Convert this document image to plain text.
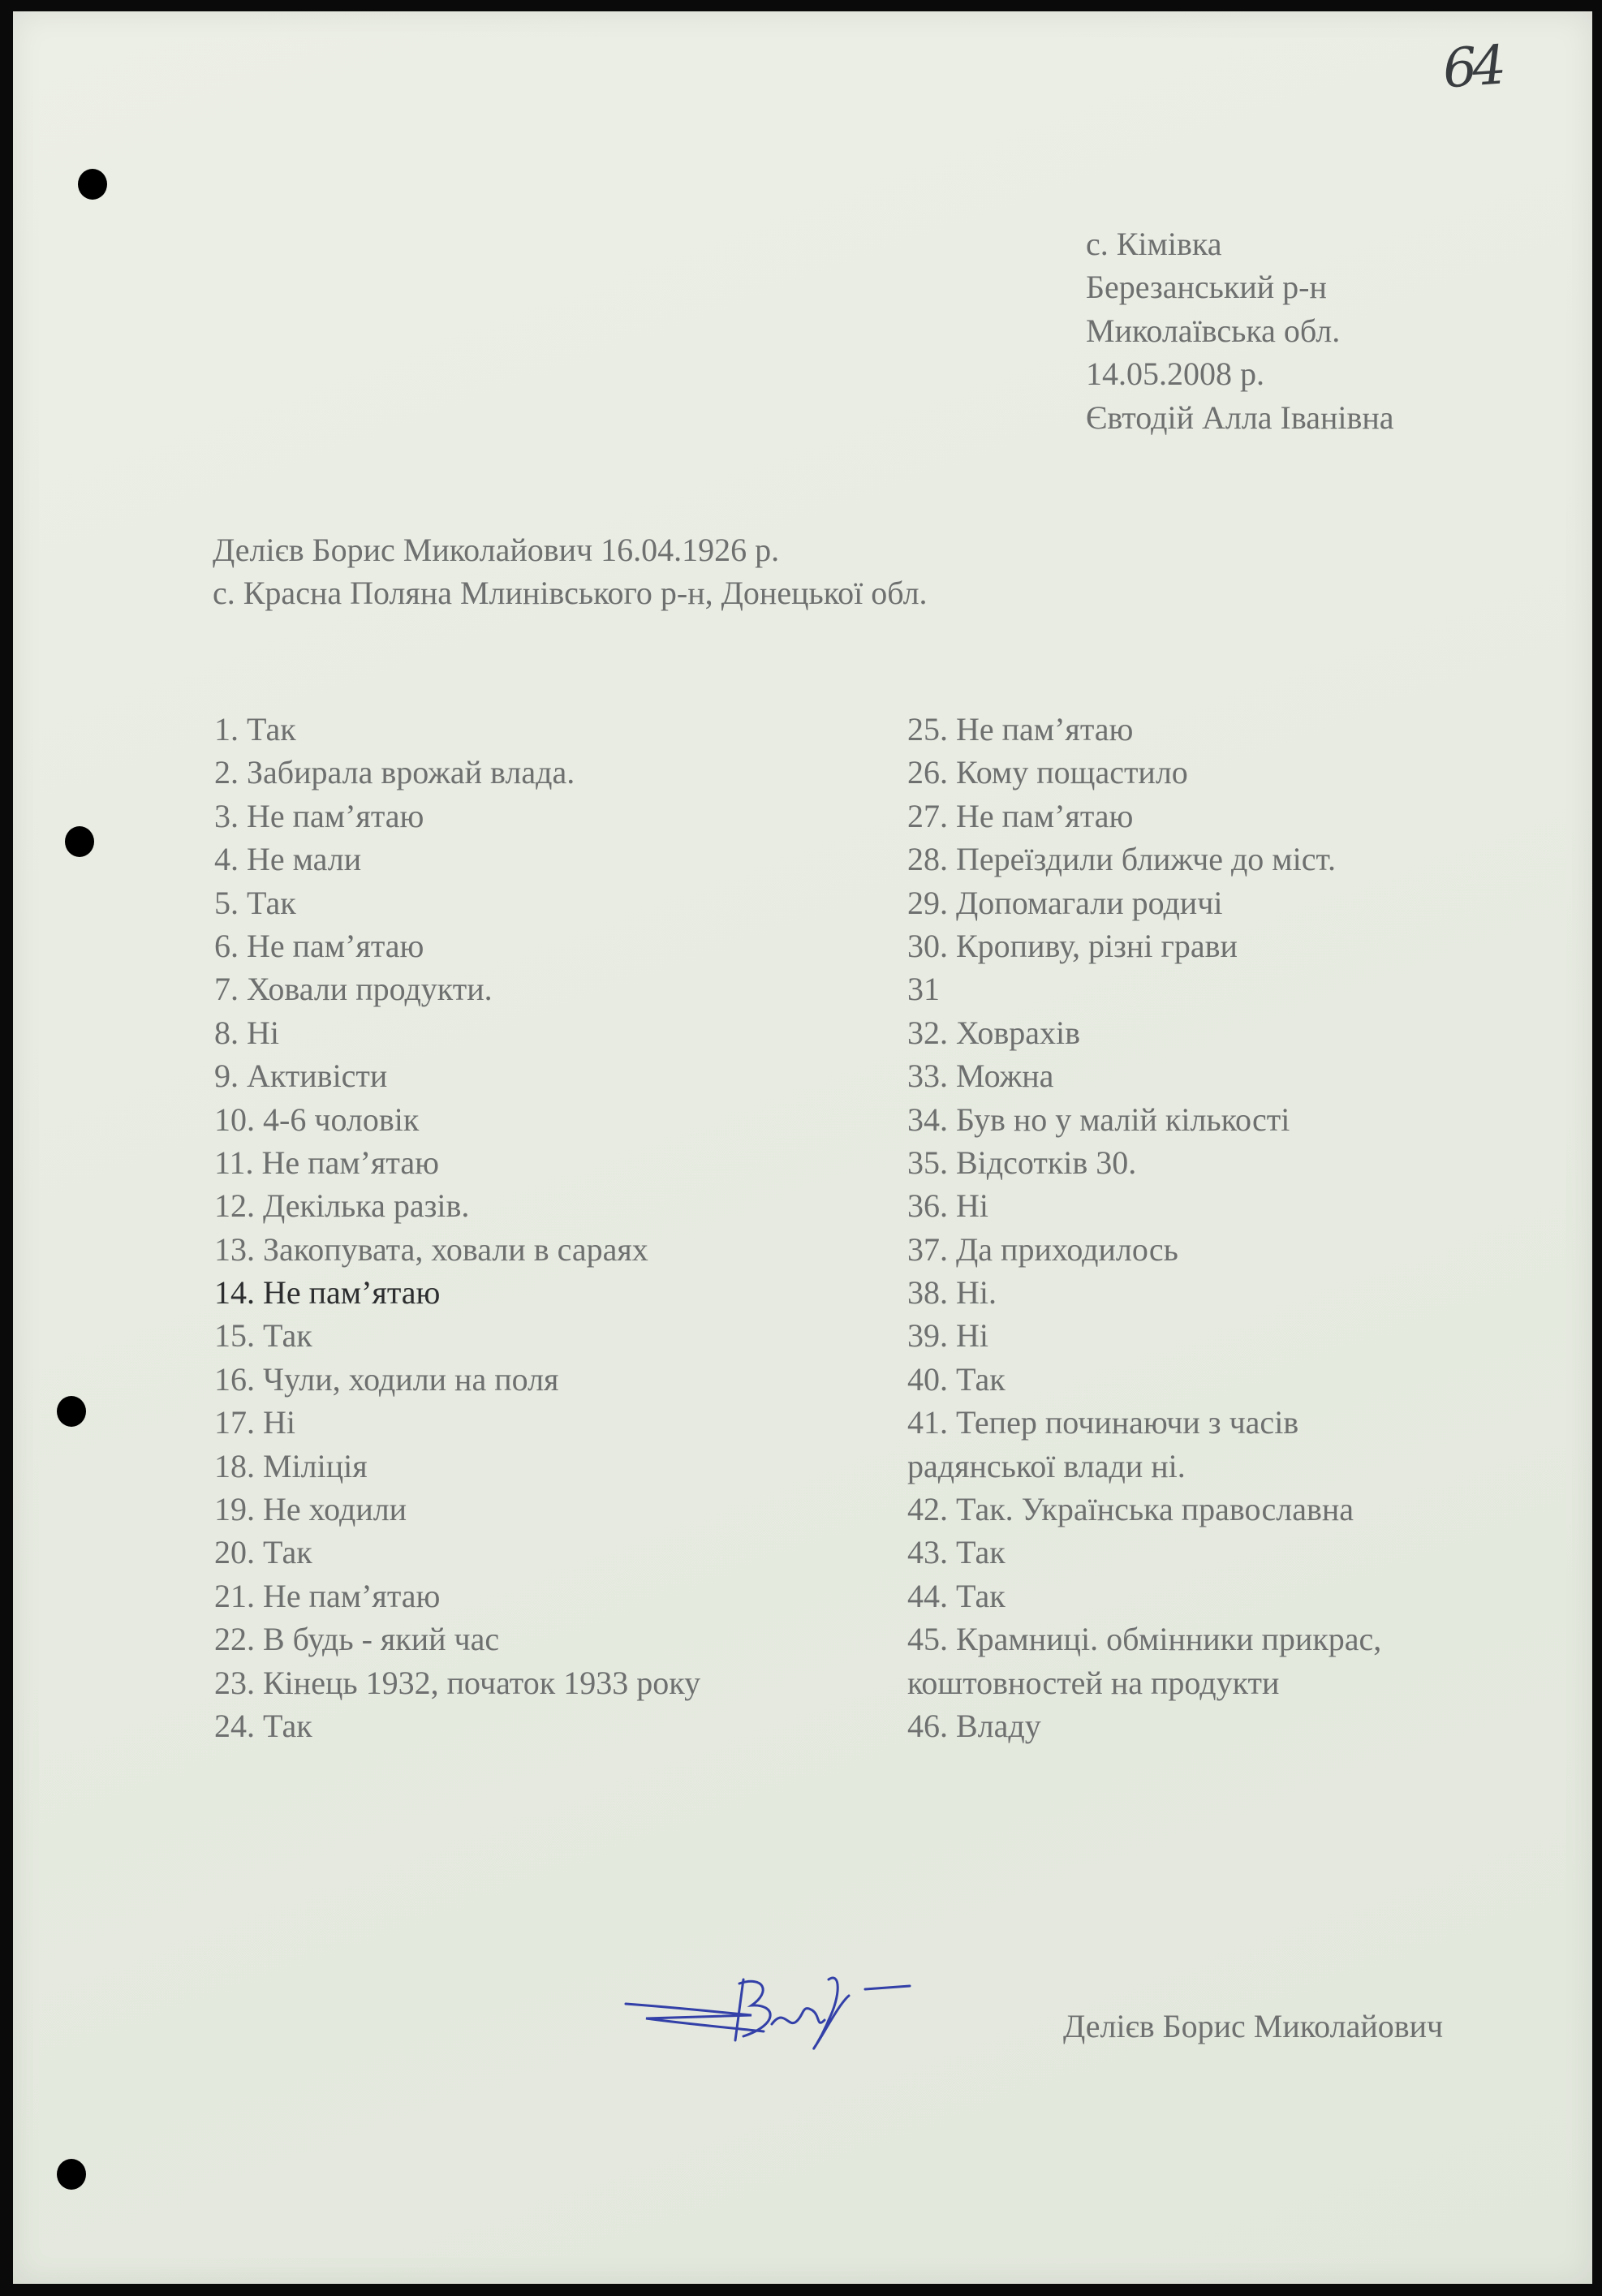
64
с. Кімівка
Березанський р-н
Миколаївська обл.
14.05.2008 р.
Євтодій Алла Іванівна
Делієв Борис Миколайович 16.04.1926 р.
с. Красна Поляна Млинівського р-н, Донецької обл.
1. Так
2. Забирала врожай влада.
3. Не пам’ятаю
4. Не мали
5. Так
6. Не пам’ятаю
7. Ховали продукти.
8. Ні
9. Активісти
10. 4-6 чоловік
11. Не пам’ятаю
12. Декілька разів.
13. Закопувата, ховали в сараях
14. Не пам’ятаю
15. Так
16. Чули, ходили на поля
17. Ні
18. Міліція
19. Не ходили
20. Так
21. Не пам’ятаю
22. В будь - який час
23. Кінець 1932, початок 1933 року
24. Так
25. Не пам’ятаю
26. Кому пощастило
27. Не пам’ятаю
28. Переїздили ближче до міст.
29. Допомагали родичі
30. Кропиву, різні грави
31
32. Ховрахів
33. Можна
34. Був но у малій кількості
35. Відсотків 30.
36. Ні
37. Да приходилось
38. Ні.
39. Ні
40. Так
41. Тепер починаючи з часів
радянської влади ні.
42. Так. Українська православна
43. Так
44. Так
45. Крамниці. обмінники прикрас,
коштовностей на продукти
46. Владу
Делієв Борис Миколайович
